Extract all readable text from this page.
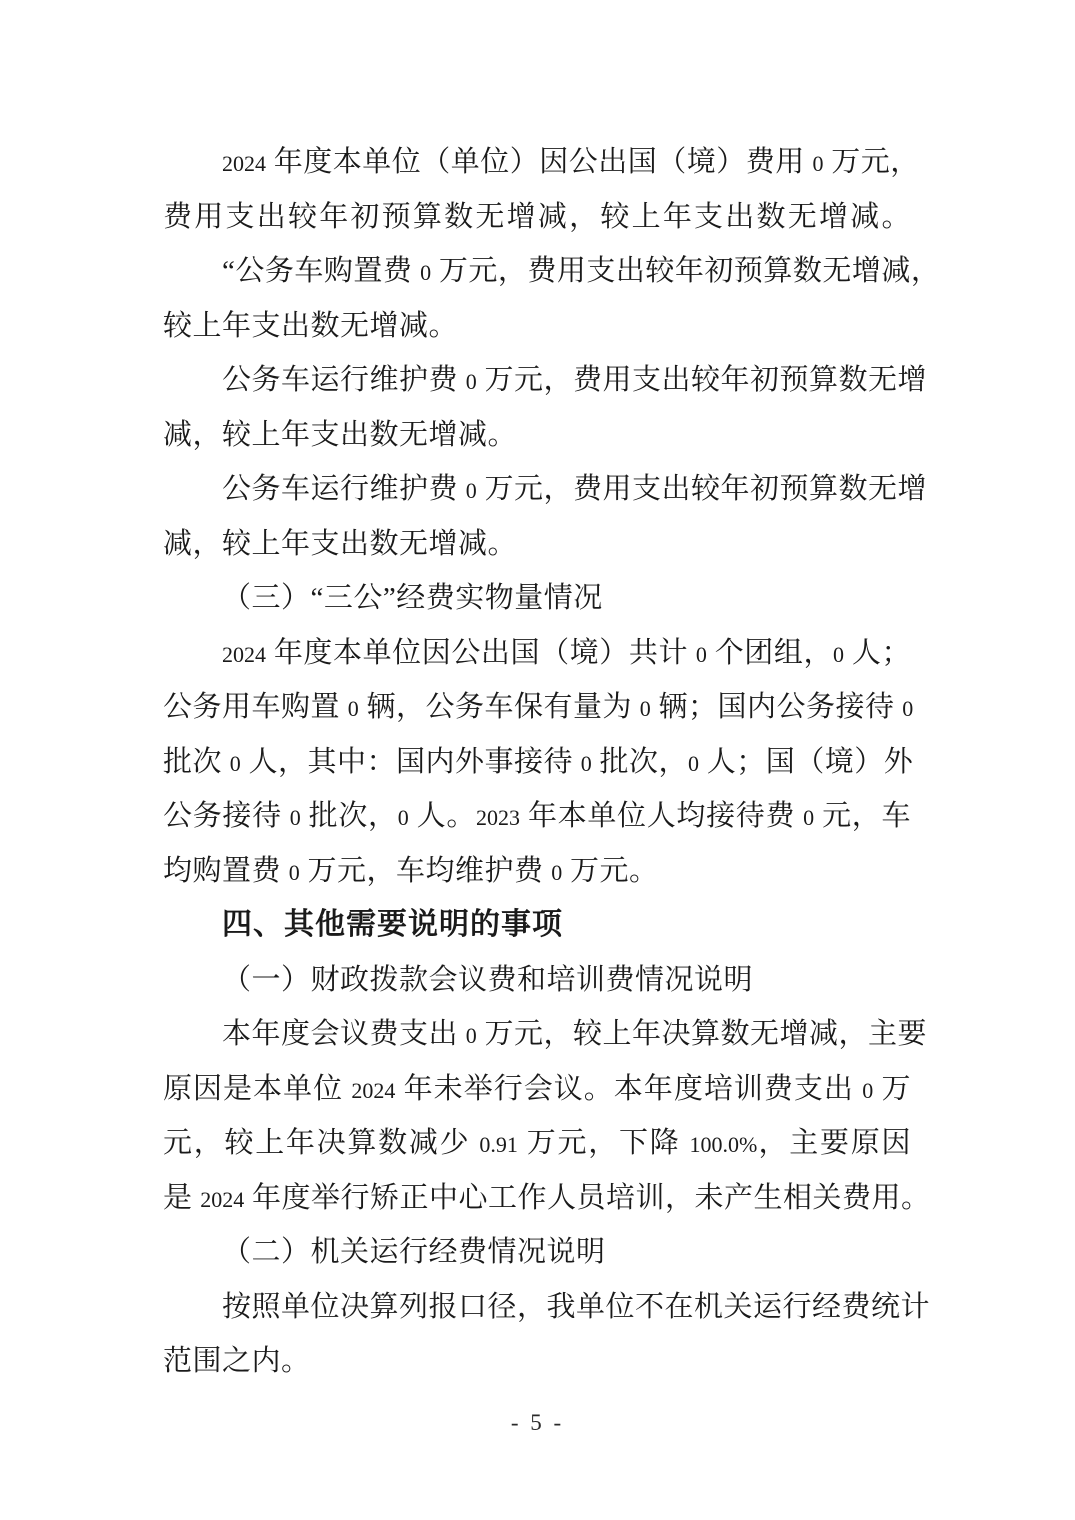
2024 年度本单位（单位）因公出国（境）费用 0 万元，
费用支出较年初预算数无增减，较上年支出数无增减。
“公务车购置费 0 万元，费用支出较年初预算数无增减，
较上年支出数无增减。
公务车运行维护费 0 万元，费用支出较年初预算数无增
减，较上年支出数无增减。
公务车运行维护费 0 万元，费用支出较年初预算数无增
减，较上年支出数无增减。
（三）“三公”经费实物量情况
2024 年度本单位因公出国（境）共计 0 个团组，0 人；
公务用车购置 0 辆，公务车保有量为 0 辆；国内公务接待 0
批次 0 人，其中：国内外事接待 0 批次，0 人；国（境）外
公务接待 0 批次，0 人。2023 年本单位人均接待费 0 元，车
均购置费 0 万元，车均维护费 0 万元。
四、其他需要说明的事项
（一）财政拨款会议费和培训费情况说明
本年度会议费支出 0 万元，较上年决算数无增减，主要
原因是本单位 2024 年未举行会议。本年度培训费支出 0 万
元，较上年决算数减少 0.91 万元，下降 100.0%，主要原因
是 2024 年度举行矫正中心工作人员培训，未产生相关费用。
（二）机关运行经费情况说明
按照单位决算列报口径，我单位不在机关运行经费统计
范围之内。
- 5 -
